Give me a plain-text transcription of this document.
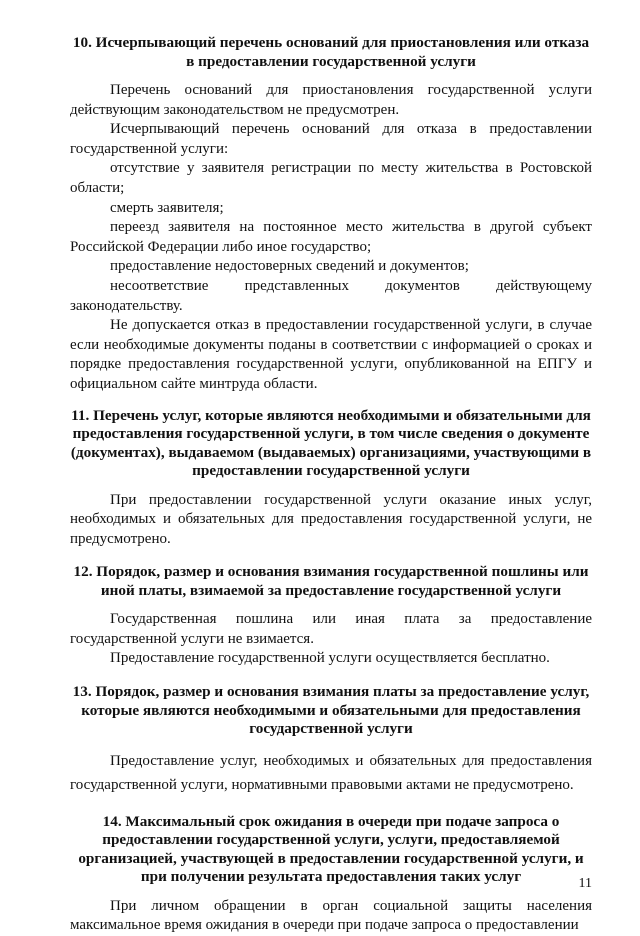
10. Исчерпывающий перечень оснований для приостановления или отказа в предоставлении государственной услуги

Перечень оснований для приостановления государственной услуги действующим законодательством не предусмотрен.

Исчерпывающий перечень оснований для отказа в предоставлении государственной услуги:

отсутствие у заявителя регистрации по месту жительства в Ростовской области;

смерть заявителя;

переезд заявителя на постоянное место жительства в другой субъект Российской Федерации либо иное государство;

предоставление недостоверных сведений и документов;

несоответствие представленных документов действующему законодательству.

Не допускается отказ в предоставлении государственной услуги, в случае если необходимые документы поданы в соответствии с информацией о сроках и порядке предоставления государственной услуги, опубликованной на ЕПГУ и официальном сайте минтруда области.

11. Перечень услуг, которые являются необходимыми и обязательными для предоставления государственной услуги, в том числе сведения о документе (документах), выдаваемом (выдаваемых) организациями, участвующими в предоставлении государственной услуги

При предоставлении государственной услуги оказание иных услуг, необходимых и обязательных для предоставления государственной услуги, не предусмотрено.

12. Порядок, размер и основания взимания государственной пошлины или иной платы, взимаемой за предоставление государственной услуги

Государственная пошлина или иная плата за предоставление государственной услуги не взимается.

Предоставление государственной услуги осуществляется бесплатно.

13. Порядок, размер и основания взимания платы за предоставление услуг, которые являются необходимыми и обязательными для предоставления государственной услуги

Предоставление услуг, необходимых и обязательных для предоставления государственной услуги, нормативными правовыми актами не предусмотрено.

14. Максимальный срок ожидания в очереди при подаче запроса о предоставлении государственной услуги, услуги, предоставляемой организацией, участвующей в предоставлении государственной услуги, и при получении результата предоставления таких услуг

При личном обращении в орган социальной защиты населения максимальное время ожидания в очереди при подаче запроса о предоставлении

11
